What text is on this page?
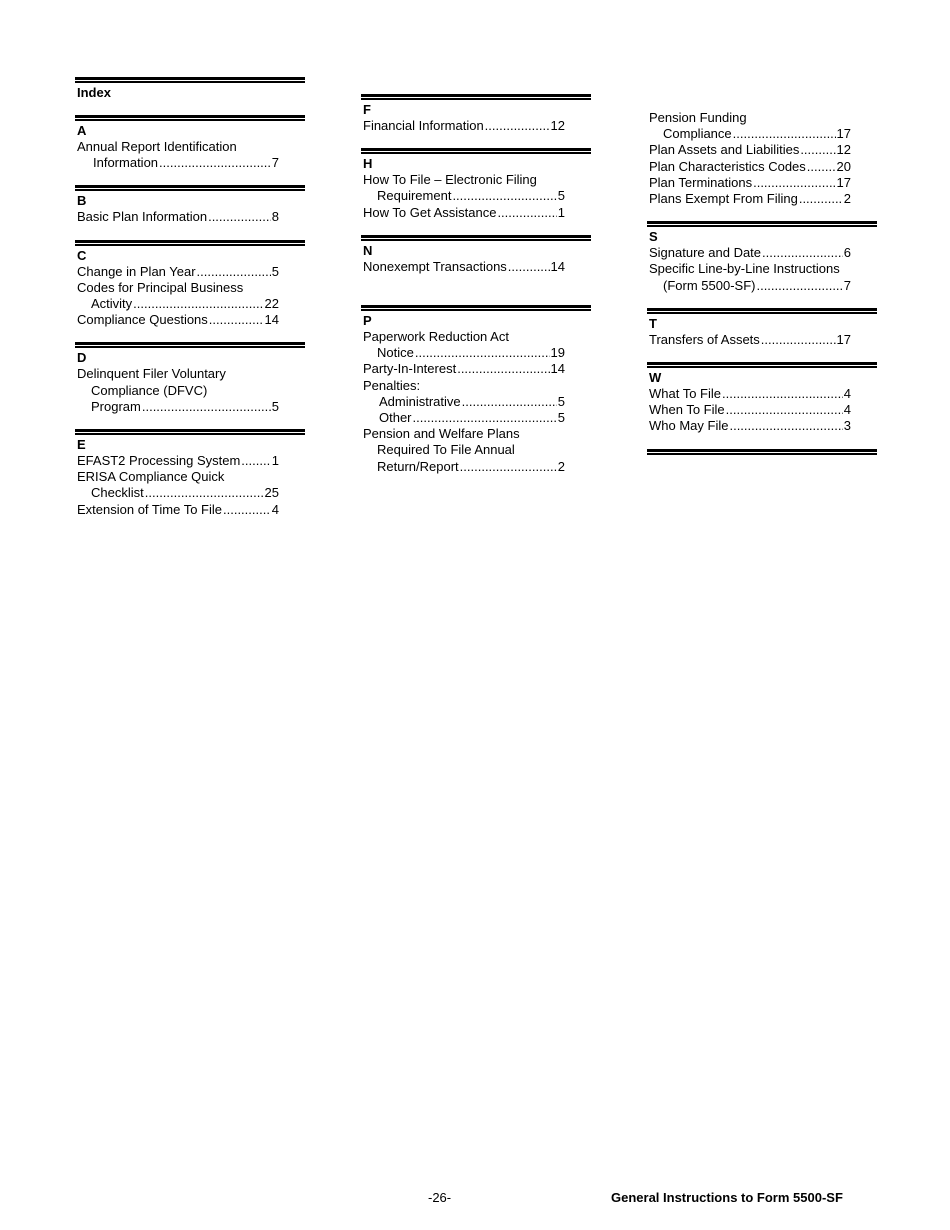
Index
A
Annual Report Identification
Information .....	7
B
Basic Plan Information .....	8
C
Change in Plan Year .....	5
Codes for Principal Business
Activity .....	22
Compliance Questions .....	14
D
Delinquent Filer Voluntary
Compliance (DFVC)
Program .....	5
E
EFAST2 Processing System ..... 1
ERISA Compliance Quick
Checklist .....	25
Extension of Time To File .....	4
F
Financial Information .....	12
H
How To File – Electronic Filing
Requirement .....	5
How To Get Assistance .....	1
N
Nonexempt Transactions .....	14
P
Paperwork Reduction Act
Notice .....	19
Party-In-Interest .....	14
Penalties:
Administrative .....	5
Other .....	5
Pension and Welfare Plans
Required To File Annual
Return/Report .....	2
Pension Funding
Compliance .....	17
Plan Assets and Liabilities .....	12
Plan Characteristics Codes ..... 20
Plan Terminations .....	17
Plans Exempt From Filing .....	2
S
Signature and Date .....	6
Specific Line-by-Line Instructions
(Form 5500-SF) .....	7
T
Transfers of Assets .....	17
W
What To File .....	4
When To File .....	4
Who May File .....	3
-26-	General Instructions to Form 5500-SF
